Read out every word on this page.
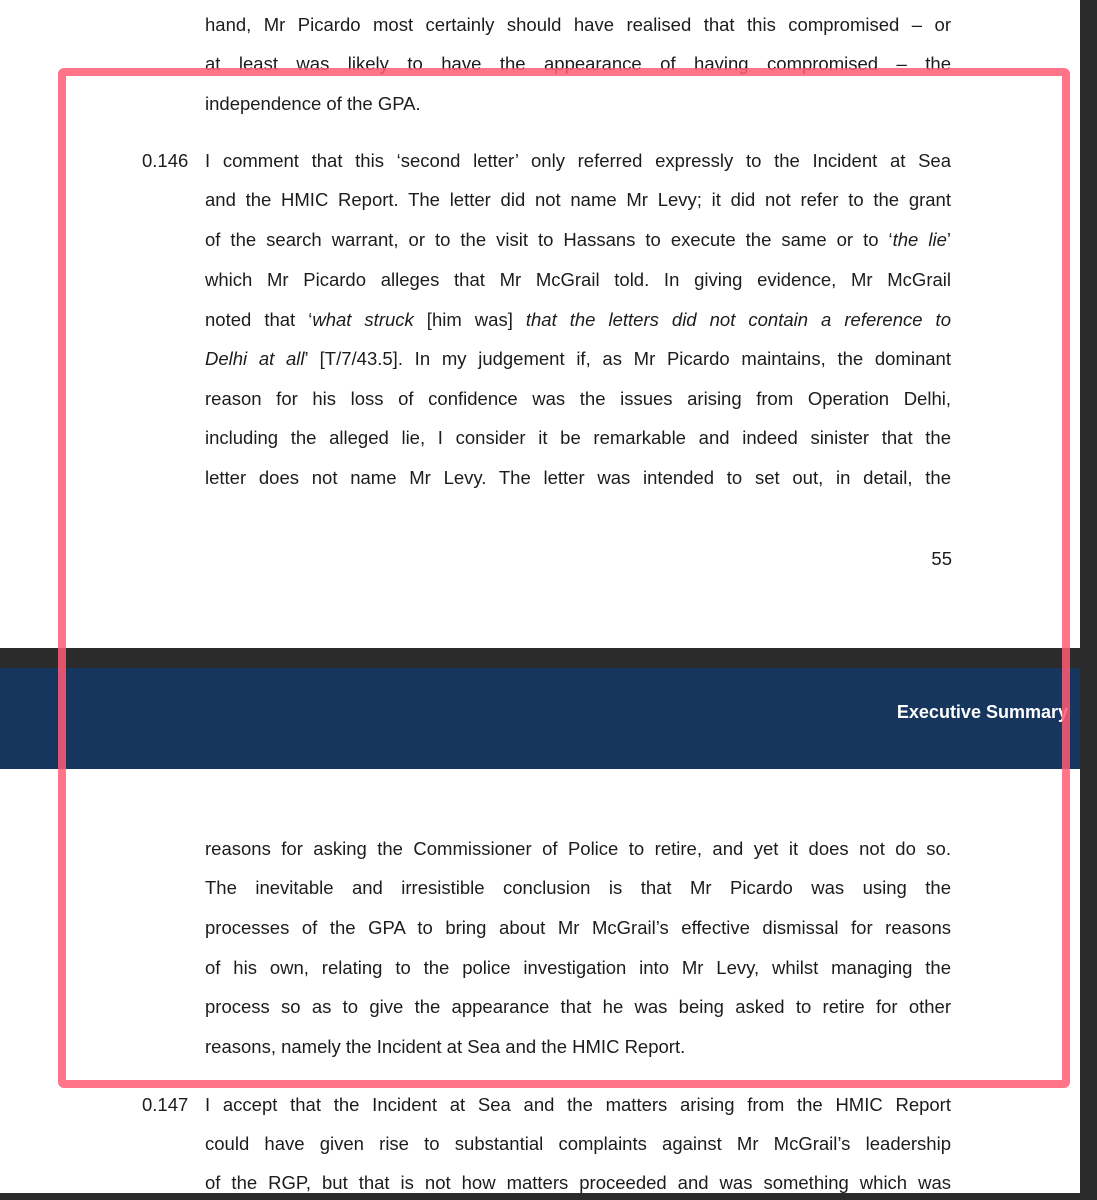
hand, Mr Picardo most certainly should have realised that this compromised – or
at least was likely to have the appearance of having compromised – the
independence of the GPA.
0.146 I comment that this ‘second letter’ only referred expressly to the Incident at Sea
and the HMIC Report. The letter did not name Mr Levy; it did not refer to the grant
of the search warrant, or to the visit to Hassans to execute the same or to ‘the lie’
which Mr Picardo alleges that Mr McGrail told. In giving evidence, Mr McGrail
noted that ‘what struck [him was] that the letters did not contain a reference to
Delhi at all’ [T/7/43.5]. In my judgement if, as Mr Picardo maintains, the dominant
reason for his loss of confidence was the issues arising from Operation Delhi,
including the alleged lie, I consider it be remarkable and indeed sinister that the
letter does not name Mr Levy. The letter was intended to set out, in detail, the
55
Executive Summary
reasons for asking the Commissioner of Police to retire, and yet it does not do so.
The inevitable and irresistible conclusion is that Mr Picardo was using the
processes of the GPA to bring about Mr McGrail’s effective dismissal for reasons
of his own, relating to the police investigation into Mr Levy, whilst managing the
process so as to give the appearance that he was being asked to retire for other
reasons, namely the Incident at Sea and the HMIC Report.
0.147 I accept that the Incident at Sea and the matters arising from the HMIC Report
could have given rise to substantial complaints against Mr McGrail’s leadership
of the RGP, but that is not how matters proceeded and was something which was
